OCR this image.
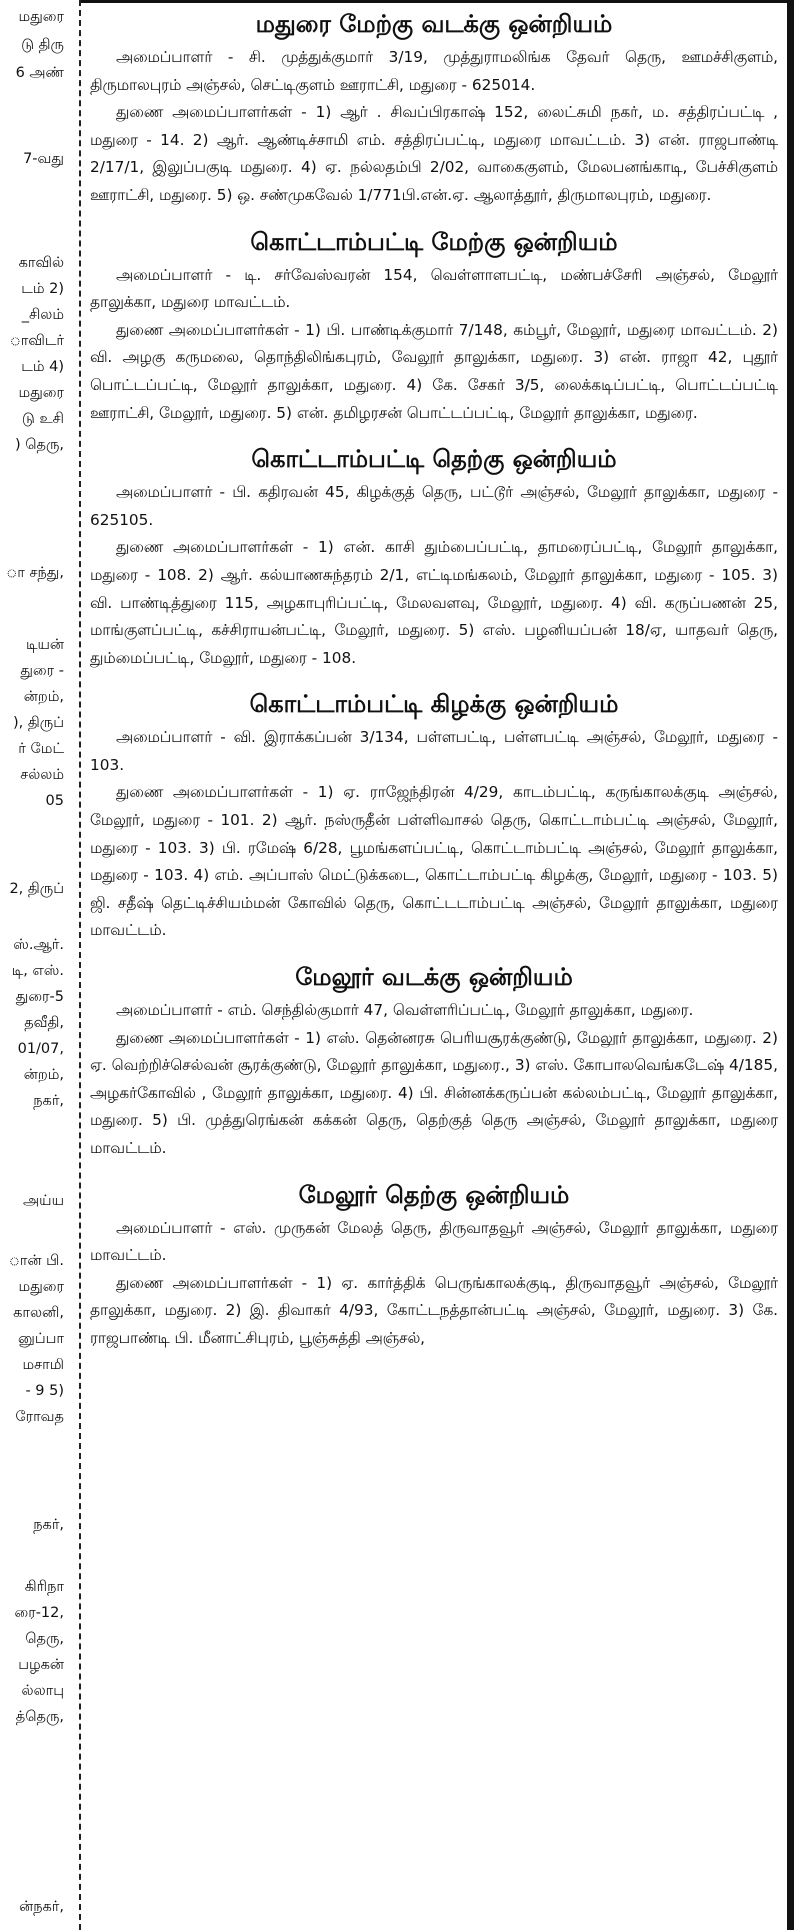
மதுரை
டு திரு
6 அண்
7-வது
காவில்
டம் 2)
_சிலம்
ாவிடர்
டம் 4)
மதுரை
டு உசி
) தெரு,
ா சந்து,
டியன்
துரை -
ன்றம்,
), திருப்
ர் மேட்
சல்லம்
05
2, திருப்
ஸ்.ஆர்.
டி, எஸ்.
துரை-5
தவீதி,
01/07,
ன்றம்,
நகர்,
அய்ய
ான் பி.
மதுரை
காலனி,
னுப்பா
மசாமி
- 9 5)
ரோவத
நகர்,
கிரிநா
ரை-12,
தெரு,
பழகன்
ல்லாபு
த்தெரு,
ன்நகர்,
மதுரை மேற்கு வடக்கு ஒன்றியம்

அமைப்பாளர் - சி. முத்துக்குமார் 3/19, முத்துராமலிங்க தேவர் தெரு, ஊமச்சிகுளம், திருமாலபுரம் அஞ்சல், செட்டிகுளம் ஊராட்சி, மதுரை - 625014.

துணை அமைப்பாளர்கள் - 1) ஆர் . சிவப்பிரகாஷ் 152, லைட்சுமி நகர், ம. சத்திரப்பட்டி , மதுரை - 14. 2) ஆர். ஆண்டிச்சாமி எம். சத்திரப்பட்டி, மதுரை மாவட்டம். 3) என். ராஜபாண்டி 2/17/1, இலுப்பகுடி மதுரை. 4) ஏ. நல்லதம்பி 2/02, வாகைகுளம், மேலபனங்காடி, பேச்சிகுளம் ஊராட்சி, மதுரை. 5) ஒ. சண்முகவேல் 1/771பி.என்.ஏ. ஆலாத்தூர், திருமாலபுரம், மதுரை.

கொட்டாம்பட்டி மேற்கு ஒன்றியம்

அமைப்பாளர் - டி. சர்வேஸ்வரன் 154, வெள்ளாளபட்டி, மண்பச்சேரி அஞ்சல், மேலூர் தாலுக்கா, மதுரை மாவட்டம்.

துணை அமைப்பாளர்கள் - 1) பி. பாண்டிக்குமார் 7/148, கம்பூர், மேலூர், மதுரை மாவட்டம். 2) வி. அழகு கருமலை, தொந்திலிங்கபுரம், வேலூர் தாலுக்கா, மதுரை. 3) என். ராஜா 42, புதூர் பொட்டப்பட்டி, மேலூர் தாலுக்கா, மதுரை. 4) கே. சேகர் 3/5, லைக்கடிப்பட்டி, பொட்டப்பட்டி ஊராட்சி, மேலூர், மதுரை. 5) என். தமிழரசன் பொட்டப்பட்டி, மேலூர் தாலுக்கா, மதுரை.

கொட்டாம்பட்டி தெற்கு ஒன்றியம்

அமைப்பாளர் - பி. கதிரவன் 45, கிழக்குத் தெரு, பட்டூர் அஞ்சல், மேலூர் தாலுக்கா, மதுரை - 625105.

துணை அமைப்பாளர்கள் - 1) என். காசி தும்பைப்பட்டி, தாமரைப்பட்டி, மேலூர் தாலுக்கா, மதுரை - 108. 2) ஆர். கல்யாணசுந்தரம் 2/1, எட்டிமங்கலம், மேலூர் தாலுக்கா, மதுரை - 105. 3) வி. பாண்டித்துரை 115, அழகாபுரிப்பட்டி, மேலவளவு, மேலூர், மதுரை. 4) வி. கருப்பணன் 25, மாங்குளப்பட்டி, கச்சிராயன்பட்டி, மேலூர், மதுரை. 5) எஸ். பழனியப்பன் 18/ஏ, யாதவர் தெரு, தும்மைப்பட்டி, மேலூர், மதுரை - 108.

கொட்டாம்பட்டி கிழக்கு ஒன்றியம்

அமைப்பாளர் - வி. இராக்கப்பன் 3/134, பள்ளபட்டி, பள்ளபட்டி அஞ்சல், மேலூர், மதுரை - 103.

துணை அமைப்பாளர்கள் - 1) ஏ. ராஜேந்திரன் 4/29, காடம்பட்டி, கருங்காலக்குடி அஞ்சல், மேலூர், மதுரை - 101. 2) ஆர். நஸ்ருதீன் பள்ளிவாசல் தெரு, கொட்டாம்பட்டி அஞ்சல், மேலூர், மதுரை - 103. 3) பி. ரமேஷ் 6/28, பூமங்களப்பட்டி, கொட்டாம்பட்டி அஞ்சல், மேலூர் தாலுக்கா, மதுரை - 103. 4) எம். அப்பாஸ் மெட்டுக்கடை, கொட்டாம்பட்டி கிழக்கு, மேலூர், மதுரை - 103. 5) ஜி. சதீஷ் தெட்டிச்சியம்மன் கோவில் தெரு, கொட்டடாம்பட்டி அஞ்சல், மேலூர் தாலுக்கா, மதுரை மாவட்டம்.

மேலூர் வடக்கு ஒன்றியம்

அமைப்பாளர் - எம். செந்தில்குமார் 47, வெள்ளரிப்பட்டி, மேலூர் தாலுக்கா, மதுரை.

துணை அமைப்பாளர்கள் - 1) எஸ். தென்னரசு பெரியசூரக்குண்டு, மேலூர் தாலுக்கா, மதுரை. 2) ஏ. வெற்றிச்செல்வன் சூரக்குண்டு, மேலூர் தாலுக்கா, மதுரை., 3) எஸ். கோபாலவெங்கடேஷ் 4/185, அழகர்கோவில் , மேலூர் தாலுக்கா, மதுரை. 4) பி. சின்னக்கருப்பன் கல்லம்பட்டி, மேலூர் தாலுக்கா, மதுரை. 5) பி. முத்துரெங்கன் கக்கன் தெரு, தெற்குத் தெரு அஞ்சல், மேலூர் தாலுக்கா, மதுரை மாவட்டம்.

மேலூர் தெற்கு ஒன்றியம்

அமைப்பாளர் - எஸ். முருகன் மேலத் தெரு, திருவாதவூர் அஞ்சல், மேலூர் தாலுக்கா, மதுரை மாவட்டம்.

துணை அமைப்பாளர்கள் - 1) ஏ. கார்த்திக் பெருங்காலக்குடி, திருவாதவூர் அஞ்சல், மேலூர் தாலுக்கா, மதுரை. 2) இ. திவாகர் 4/93, கோட்டநத்தான்பட்டி அஞ்சல், மேலூர், மதுரை. 3) கே. ராஜபாண்டி பி. மீனாட்சிபுரம், பூஞ்சுத்தி அஞ்சல்,
